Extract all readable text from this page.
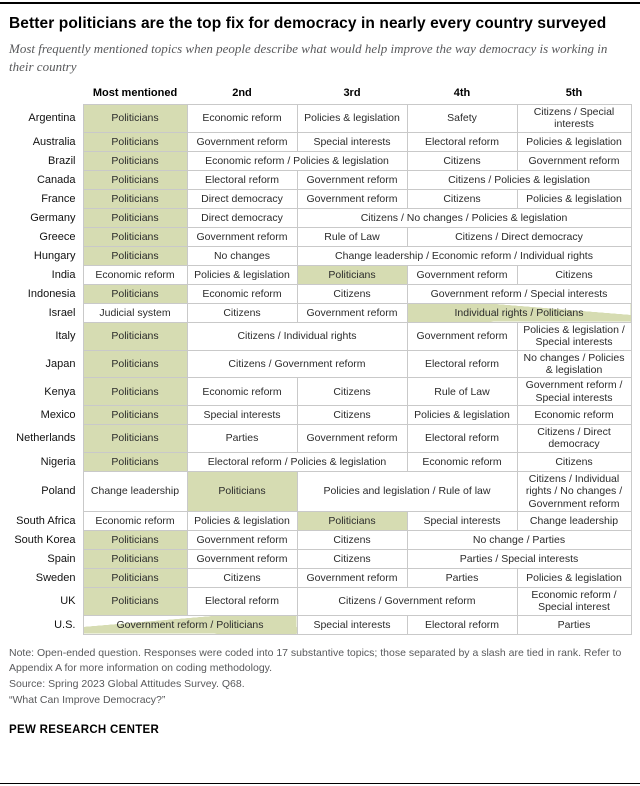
Better politicians are the top fix for democracy in nearly every country surveyed

Most frequently mentioned topics when people describe what would help improve the way democracy is working in their country

	Most mentioned	2nd	3rd	4th	5th
Argentina	Politicians	Economic reform	Policies & legislation	Safety	Citizens / Special interests
Australia	Politicians	Government reform	Special interests	Electoral reform	Policies & legislation
Brazil	Politicians	Economic reform / Policies & legislation		Citizens	Government reform
Canada	Politicians	Electoral reform	Government reform	Citizens / Policies & legislation	
France	Politicians	Direct democracy	Government reform	Citizens	Policies & legislation
Germany	Politicians	Direct democracy	Citizens / No changes / Policies & legislation		
Greece	Politicians	Government reform	Rule of Law	Citizens / Direct democracy	
Hungary	Politicians	No changes	Change leadership / Economic reform / Individual rights		
India	Economic reform	Policies & legislation	Politicians	Government reform	Citizens
Indonesia	Politicians	Economic reform	Citizens	Government reform / Special interests	
Israel	Judicial system	Citizens	Government reform	Individual rights / Politicians	
Italy	Politicians	Citizens / Individual rights		Government reform	Policies & legislation / Special interests
Japan	Politicians	Citizens / Government reform		Electoral reform	No changes / Policies & legislation
Kenya	Politicians	Economic reform	Citizens	Rule of Law	Government reform / Special interests
Mexico	Politicians	Special interests	Citizens	Policies & legislation	Economic reform
Netherlands	Politicians	Parties	Government reform	Electoral reform	Citizens / Direct democracy
Nigeria	Politicians	Electoral reform / Policies & legislation		Economic reform	Citizens
Poland	Change leadership	Politicians	Policies and legislation / Rule of law		Citizens / Individual rights / No changes / Government reform
South Africa	Economic reform	Policies & legislation	Politicians	Special interests	Change leadership
South Korea	Politicians	Government reform	Citizens	No change / Parties	
Spain	Politicians	Government reform	Citizens	Parties / Special interests	
Sweden	Politicians	Citizens	Government reform	Parties	Policies & legislation
UK	Politicians	Electoral reform	Citizens / Government reform		Economic reform / Special interest
U.S.	Government reform / Politicians		Special interests	Electoral reform	Parties
Note: Open-ended question. Responses were coded into 17 substantive topics; those separated by a slash are tied in rank. Refer to
Appendix A for more information on coding methodology.
Source: Spring 2023 Global Attitudes Survey. Q68.
“What Can Improve Democracy?”
PEW RESEARCH CENTER
